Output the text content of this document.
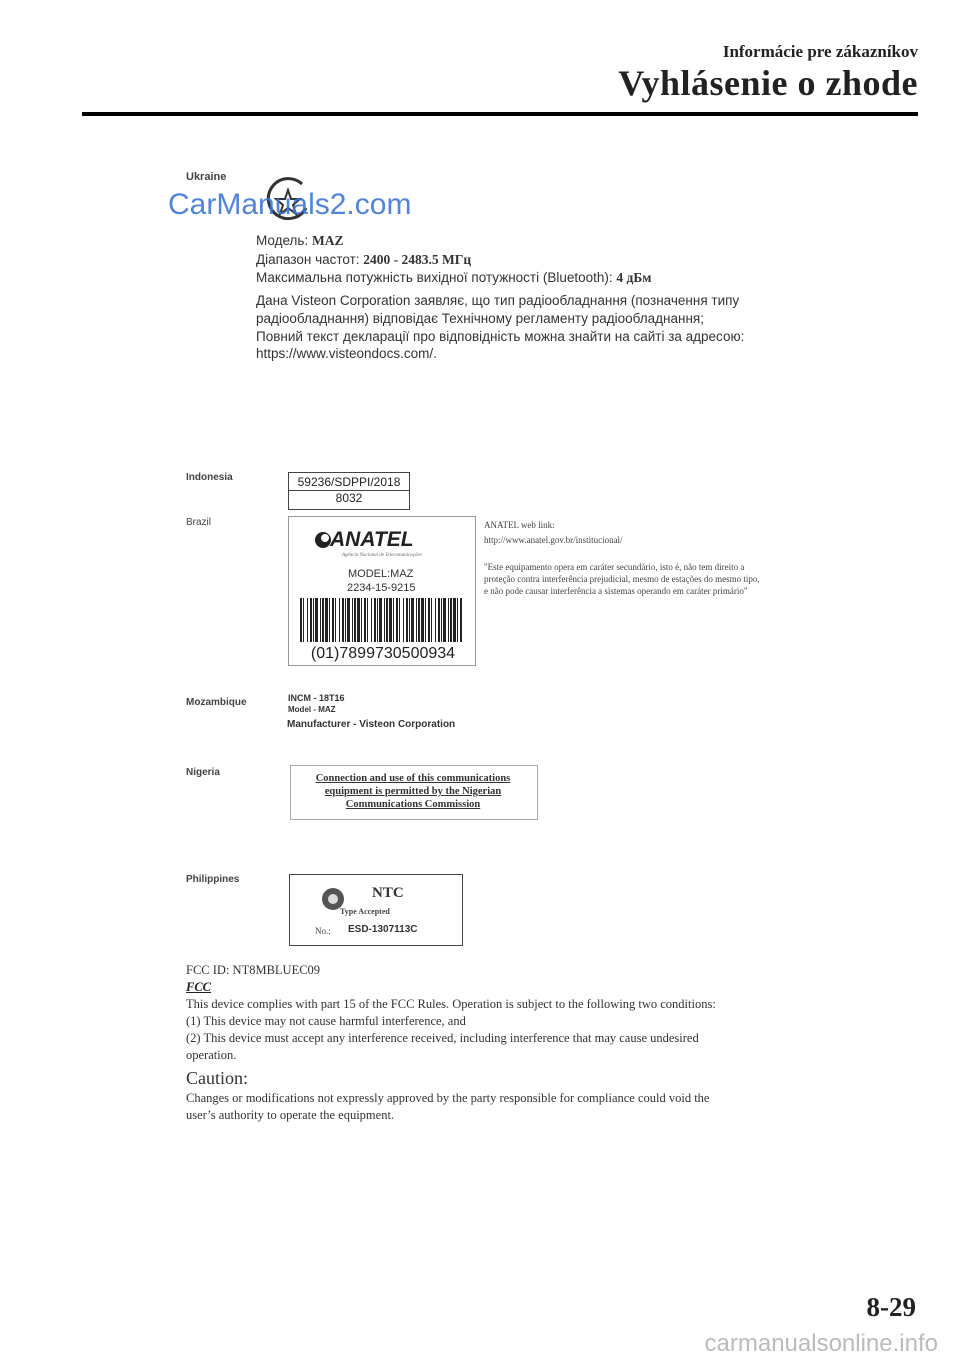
Informácie pre zákazníkov
Vyhlásenie o zhode
Ukraine
CarManuals2.com
Модель: MAZ
Діапазон частот: 2400 - 2483.5 МГц
Максимальна потужність вихідної потужності (Bluetooth): 4 дБм
Дана Visteon Corporation заявляє, що тип радіообладнання (позначення типу
радіообладнання) відповідає Технічному регламенту радіообладнання;
Повний текст декларації про відповідність можна знайти на сайті за адресою:
https://www.visteondocs.com/.
Indonesia	59236/SDPPI/2018
8032
Brazil
ANATEL
Agência Nacional de Telecomunicações
MODEL:MAZ
2234-15-9215
(01)7899730500934
ANATEL web link:
http://www.anatel.gov.br/institucional/
"Este equipamento opera em caráter secundário, isto é, não tem direito a
proteção contra interferência prejudicial, mesmo de estações do mesmo tipo,
e não pode causar interferência a sistemas operando em caráter primário"
Mozambique	INCM - 18T16
Model - MAZ
Manufacturer - Visteon Corporation
Nigeria
Connection and use of this communications
equipment is permitted by the Nigerian
Communications Commission
Philippines
NTC
Type Accepted
No.: ESD-1307113C
FCC ID: NT8MBLUEC09
FCC
This device complies with part 15 of the FCC Rules. Operation is subject to the following two conditions:
(1) This device may not cause harmful interference, and
(2) This device must accept any interference received, including interference that may cause undesired
operation.
Caution:
Changes or modifications not expressly approved by the party responsible for compliance could void the
user’s authority to operate the equipment.
8-29
carmanualsonline.info
